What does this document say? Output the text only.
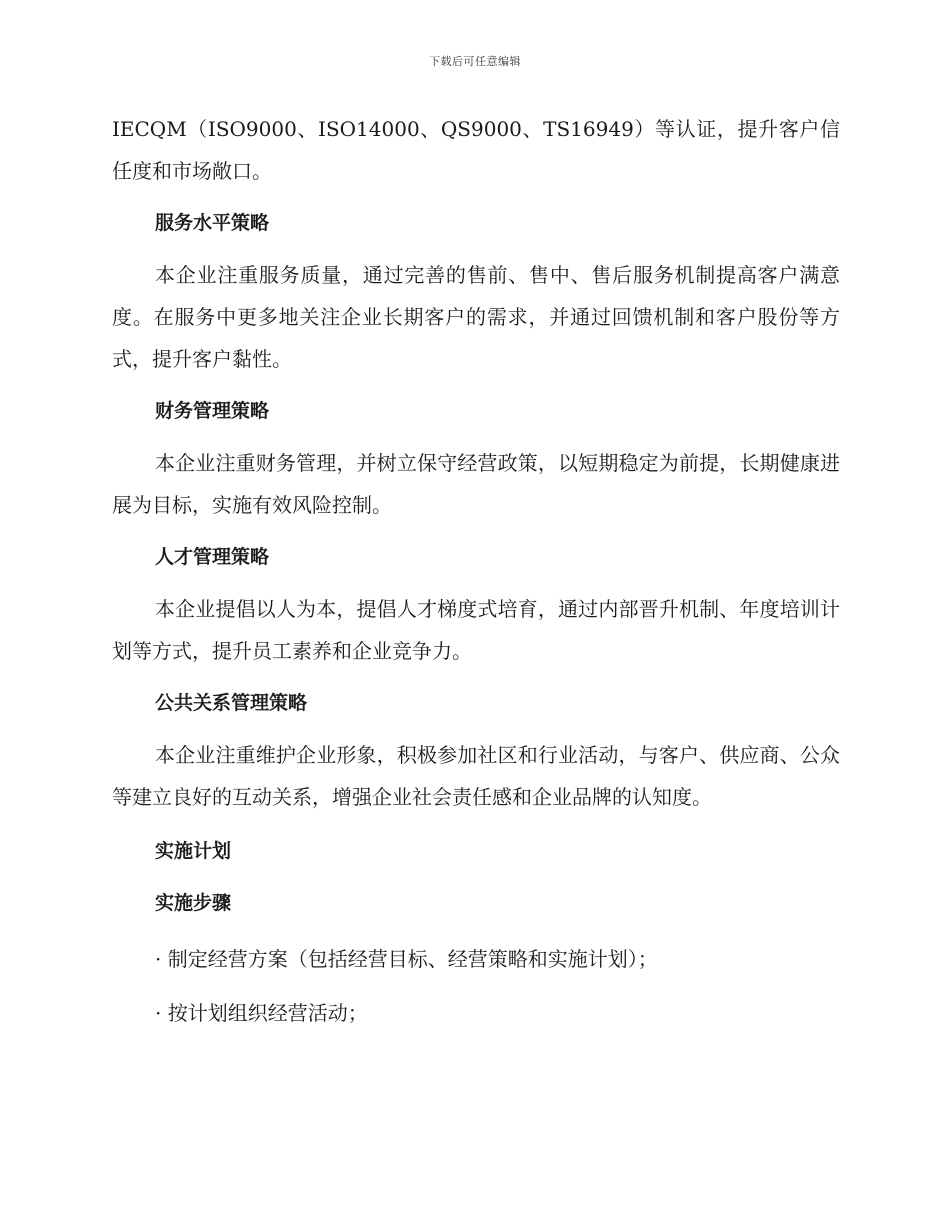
下载后可任意编辑

IECQM（ISO9000、ISO14000、QS9000、TS16949）等认证，提升客户信任度和市场敞口。

服务水平策略

本企业注重服务质量，通过完善的售前、售中、售后服务机制提高客户满意度。在服务中更多地关注企业长期客户的需求，并通过回馈机制和客户股份等方式，提升客户黏性。

财务管理策略

本企业注重财务管理，并树立保守经营政策，以短期稳定为前提，长期健康进展为目标，实施有效风险控制。

人才管理策略

本企业提倡以人为本，提倡人才梯度式培育，通过内部晋升机制、年度培训计划等方式，提升员工素养和企业竞争力。

公共关系管理策略

本企业注重维护企业形象，积极参加社区和行业活动，与客户、供应商、公众等建立良好的互动关系，增强企业社会责任感和企业品牌的认知度。

实施计划

实施步骤

· 制定经营方案（包括经营目标、经营策略和实施计划）；

· 按计划组织经营活动；
